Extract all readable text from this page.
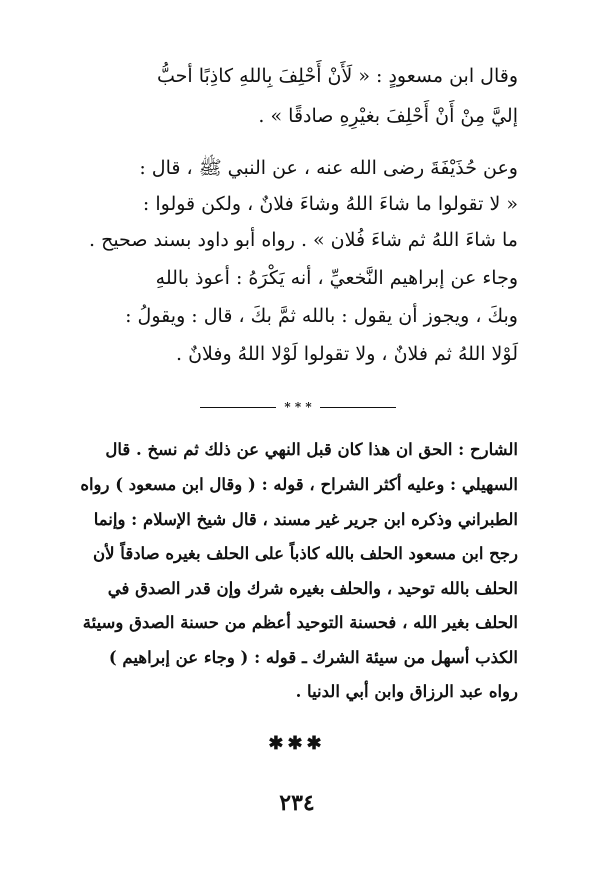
وقال ابن مسعودٍ : « لَأَنْ أَحْلِفَ بِاللهِ كاذِبًا أحبُّ
إليَّ مِنْ أَنْ أَحْلِفَ بغيْرِهِ صادقًا » .
وعن حُذَيْفَةَ رضى الله عنه ، عن النبي ﷺ ، قال :
« لا تقولوا ما شاءَ اللهُ وشاءَ فلانٌ ، ولكن قولوا :
ما شاءَ اللهُ ثم شاءَ فُلان » . رواه أبو داود بسند صحيح .
وجاء عن إبراهيم النَّخعيِّ ، أنه يَكْرَهُ : أعوذ باللهِ
وبكَ ، ويجوز أن يقول : بالله ثمَّ بكَ ، قال : ويقولُ :
لَوْلا اللهُ ثم فلانٌ ، ولا تقولوا لَوْلا اللهُ وفلانٌ .
* * *
الشارح : الحق ان هذا كان قبل النهي عن ذلك ثم نسخ . قال
السهيلي : وعليه أكثر الشراح ، قوله : ( وقال ابن مسعود ) رواه
الطبراني وذكره ابن جرير غير مسند ، قال شيخ الإسلام : وإنما
رجح ابن مسعود الحلف بالله كاذباً على الحلف بغيره صادقاً لأن
الحلف بالله توحيد ، والحلف بغيره شرك وإن قدر الصدق في
الحلف بغير الله ، فحسنة التوحيد أعظم من حسنة الصدق وسيئة
الكذب أسهل من سيئة الشرك ـ قوله : ( وجاء عن إبراهيم )
رواه عبد الرزاق وابن أبي الدنيا .
✱✱✱
٢٣٤
